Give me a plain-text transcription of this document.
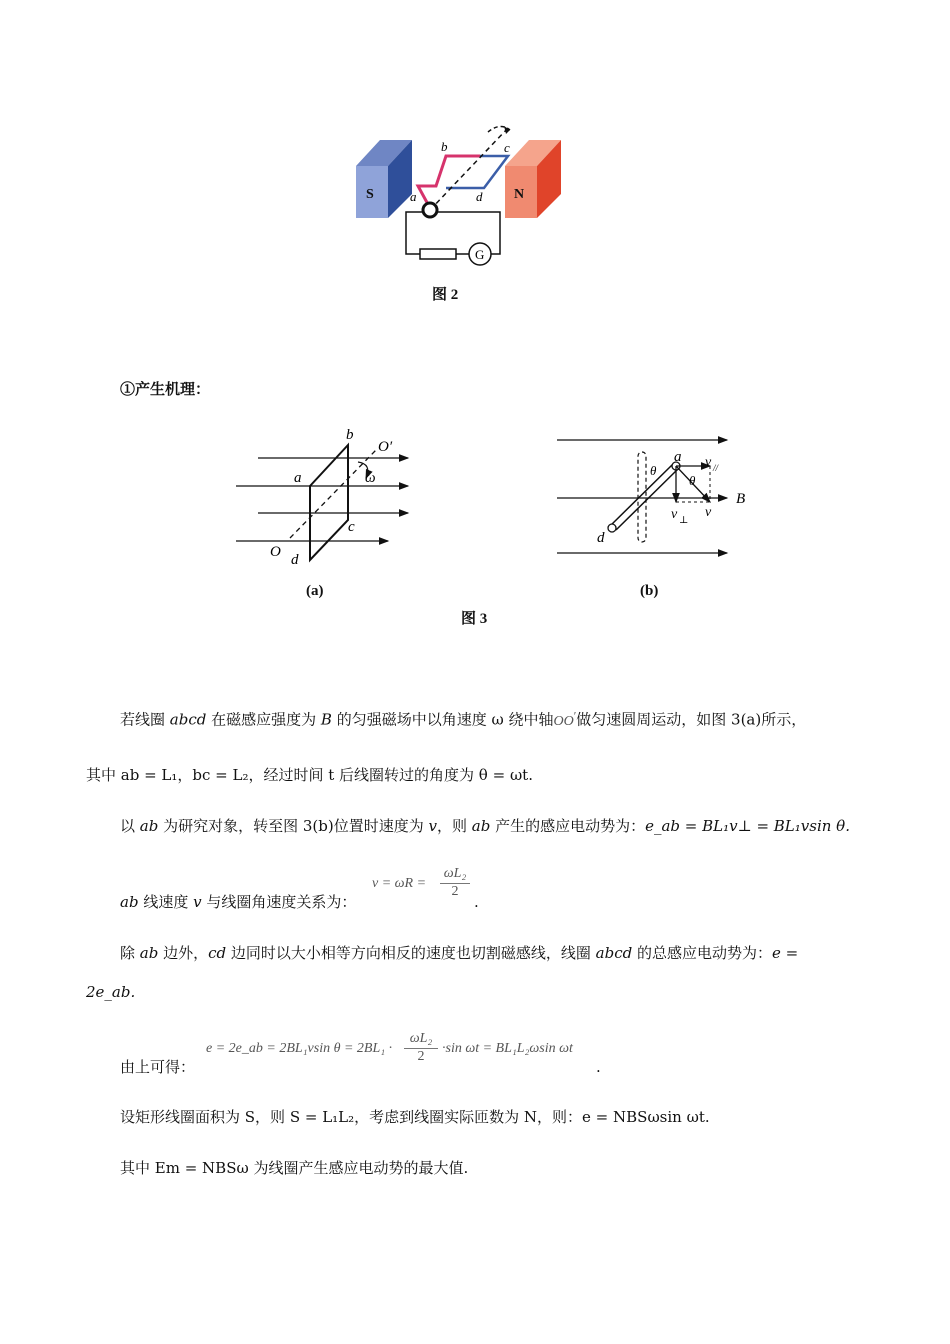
S	N
G
b	c
a	d
图 2
①产生机理：
b
O′
a	ω
c
O d
(a)
a
θ
θ
v //
B
v ⊥
v
d
(b)
图 3
若线圈 abcd 在磁感应强度为 B 的匀强磁场中以角速度 ω 绕中轴OO′做匀速圆周运动，如图 3(a)所示，
其中 ab = L₁，bc = L₂，经过时间 t 后线圈转过的角度为 θ = ωt.
以 ab 为研究对象，转至图 3(b)位置时速度为 v，则 ab 产生的感应电动势为：e_ab = BL₁v⊥ = BL₁vsin θ.
ab 线速度 v 与线圈角速度关系为：
v = ωR =
ωL₂
2
.
除 ab 边外，cd 边同时以大小相等方向相反的速度也切割磁感线，线圈 abcd 的总感应电动势为：e =
2e_ab.
由上可得：
e = 2e_ab = 2BL₁vsin θ = 2BL₁ ·
ωL₂
2
·sin ωt = BL₁L₂ωsin ωt
.
设矩形线圈面积为 S，则 S = L₁L₂，考虑到线圈实际匝数为 N，则：e = NBSωsin ωt.
其中 Em = NBSω 为线圈产生感应电动势的最大值.
